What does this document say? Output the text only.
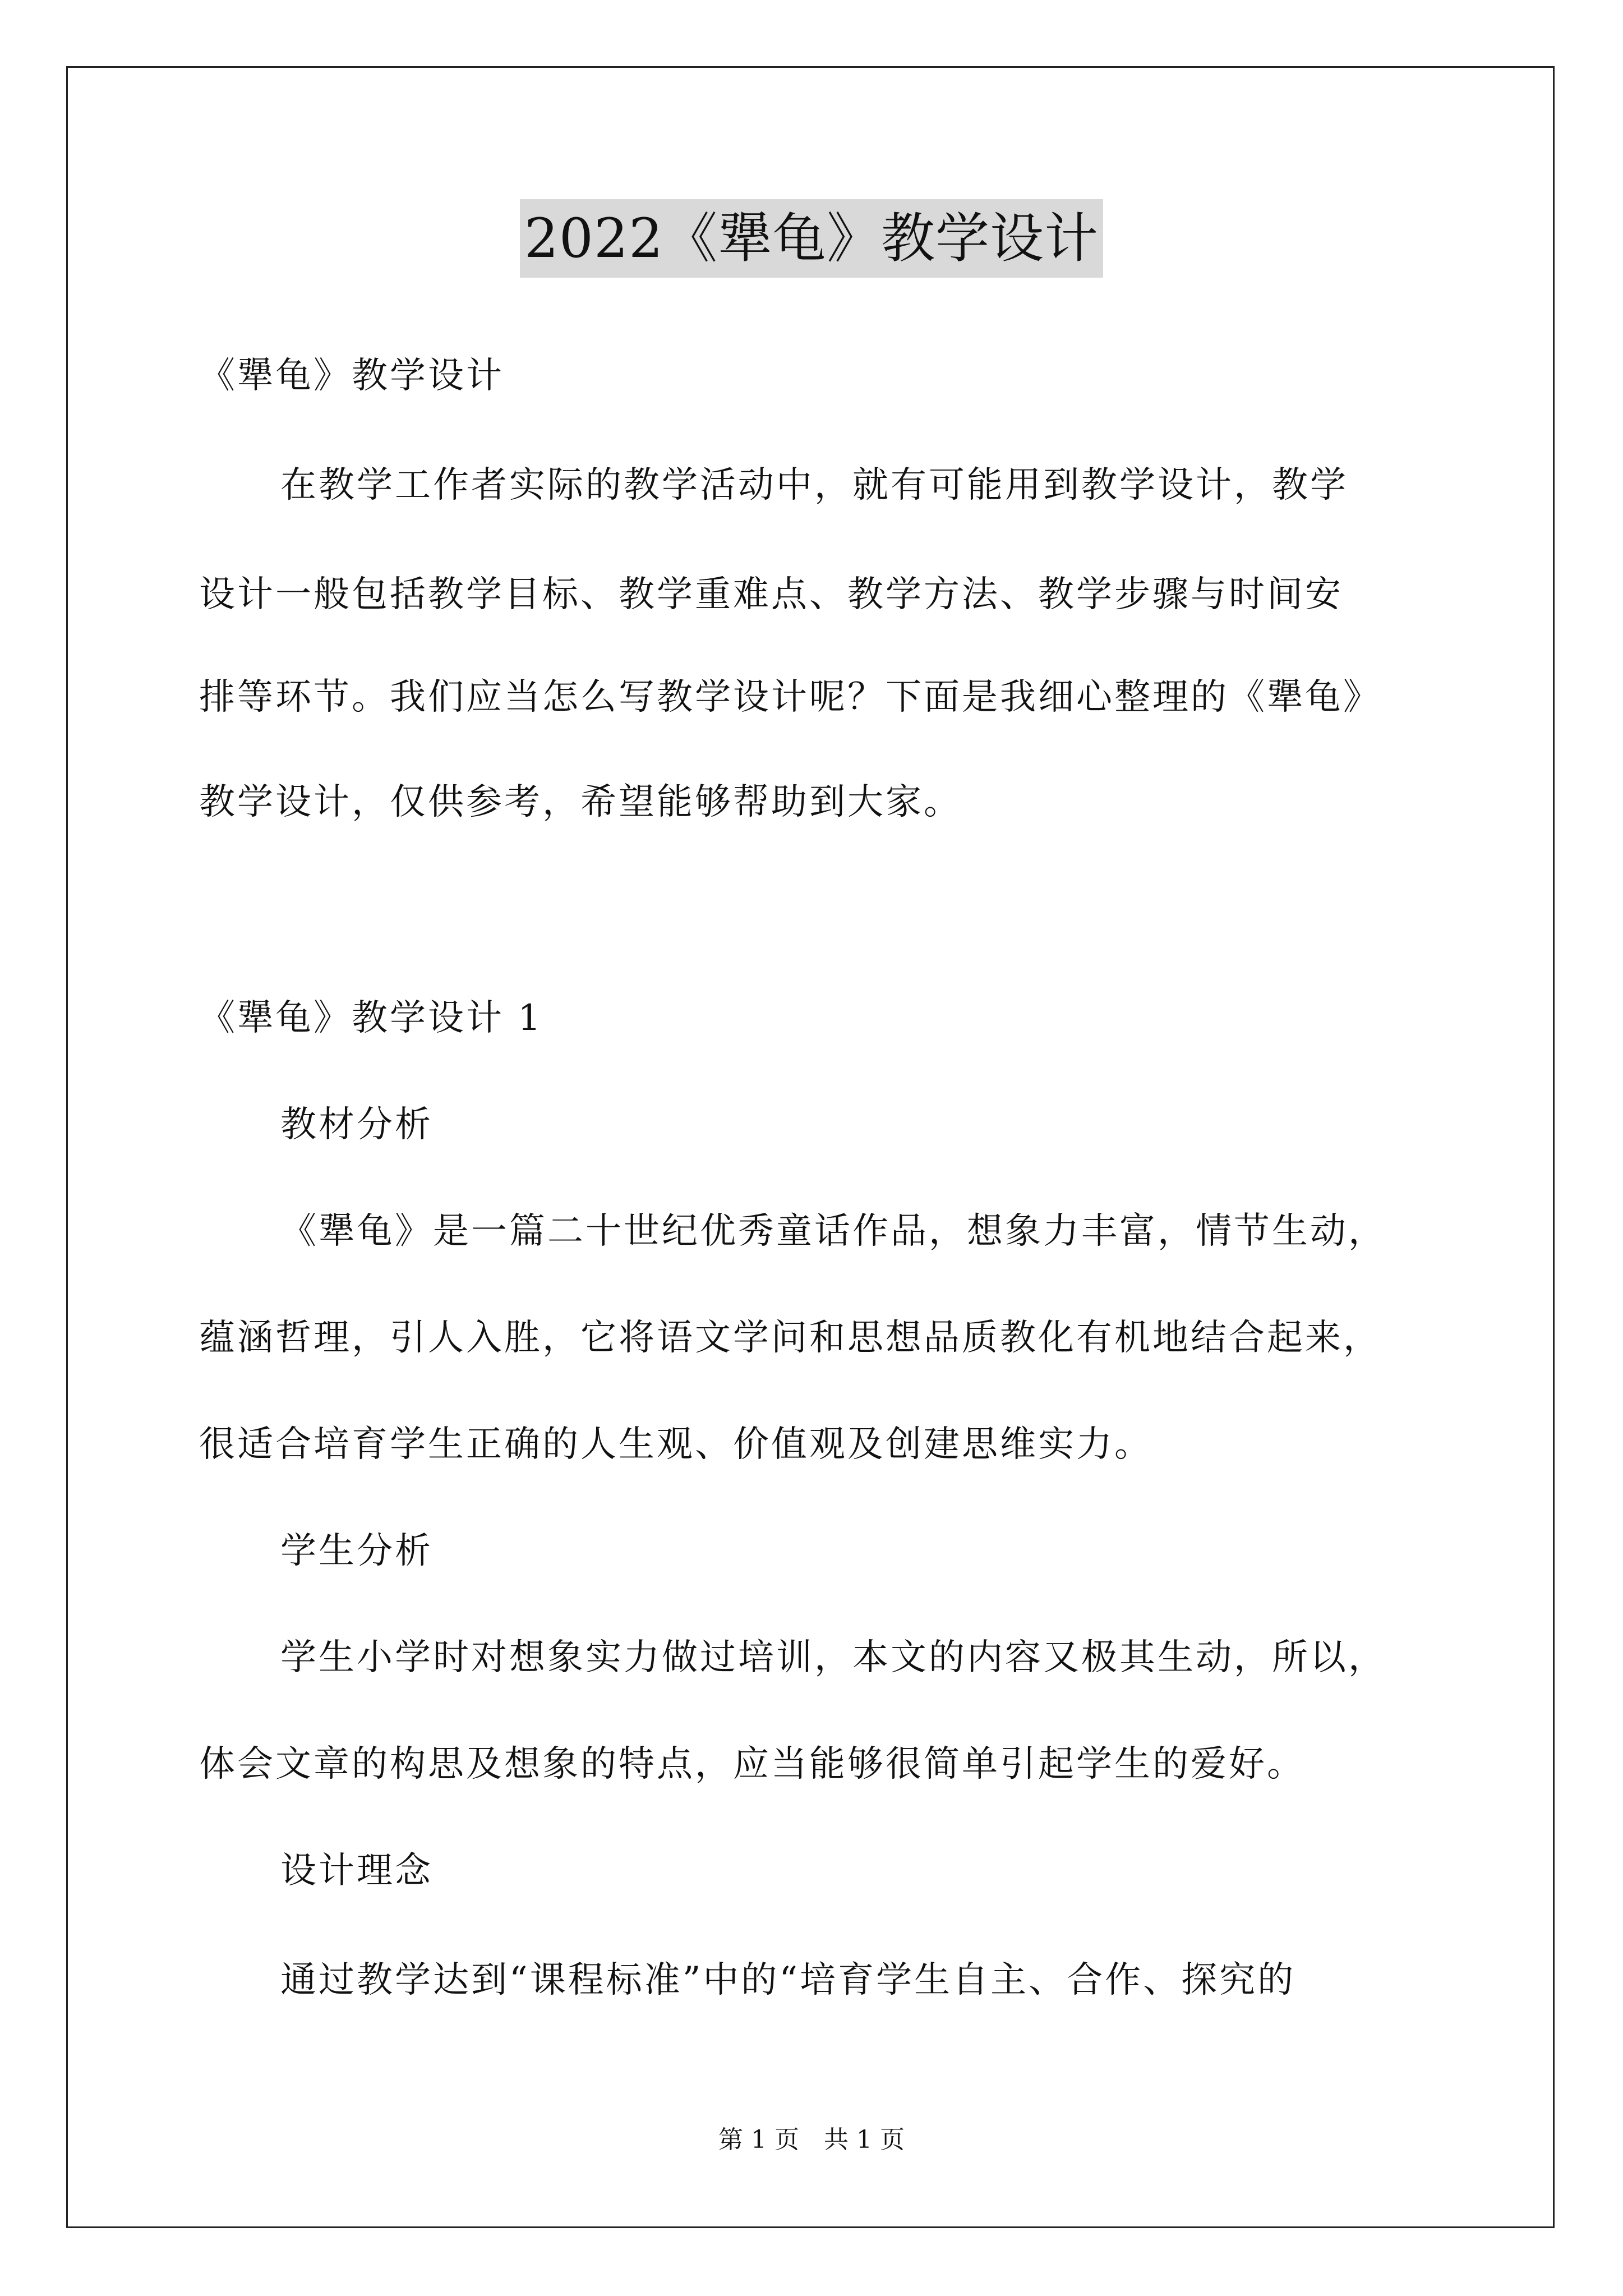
2022《犟龟》教学设计
《犟龟》教学设计
在教学工作者实际的教学活动中，就有可能用到教学设计，教学
设计一般包括教学目标、教学重难点、教学方法、教学步骤与时间安
排等环节。我们应当怎么写教学设计呢？下面是我细心整理的《犟龟》
教学设计，仅供参考，希望能够帮助到大家。
《犟龟》教学设计 1
教材分析
《犟龟》是一篇二十世纪优秀童话作品，想象力丰富，情节生动，
蕴涵哲理，引人入胜，它将语文学问和思想品质教化有机地结合起来，
很适合培育学生正确的人生观、价值观及创建思维实力。
学生分析
学生小学时对想象实力做过培训，本文的内容又极其生动，所以，
体会文章的构思及想象的特点，应当能够很简单引起学生的爱好。
设计理念
通过教学达到“课程标准”中的“培育学生自主、合作、探究的
第 1 页　共 1 页
